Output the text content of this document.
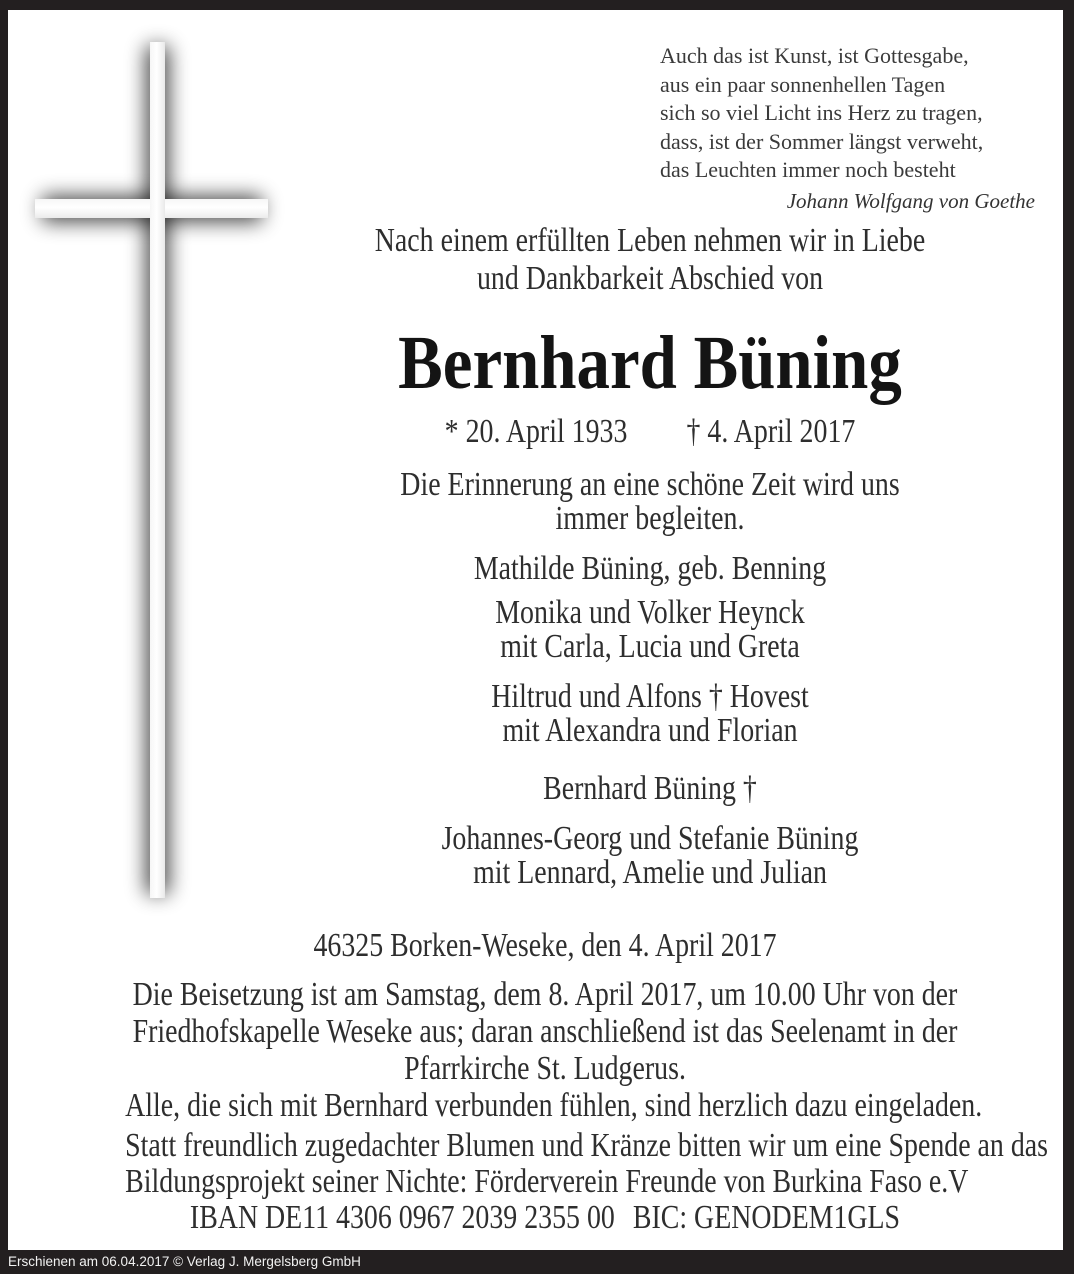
Auch das ist Kunst, ist Gottesgabe,
aus ein paar sonnenhellen Tagen
sich so viel Licht ins Herz zu tragen,
dass, ist der Sommer längst verweht,
das Leuchten immer noch besteht
Johann Wolfgang von Goethe
Nach einem erfüllten Leben nehmen wir in Liebe
und Dankbarkeit Abschied von
Bernhard Büning
* 20. April 1933 † 4. April 2017
Die Erinnerung an eine schöne Zeit wird uns
immer begleiten.
Mathilde Büning, geb. Benning
Monika und Volker Heynck
mit Carla, Lucia und Greta
Hiltrud und Alfons † Hovest
mit Alexandra und Florian
Bernhard Büning †
Johannes-Georg und Stefanie Büning
mit Lennard, Amelie und Julian
46325 Borken-Weseke, den 4. April 2017
Die Beisetzung ist am Samstag, dem 8. April 2017, um 10.00 Uhr von der
Friedhofskapelle Weseke aus; daran anschließend ist das Seelenamt in der
Pfarrkirche St. Ludgerus.
Alle, die sich mit Bernhard verbunden fühlen, sind herzlich dazu eingeladen.
Statt freundlich zugedachter Blumen und Kränze bitten wir um eine Spende an das
Bildungsprojekt seiner Nichte: Förderverein Freunde von Burkina Faso e.V
IBAN DE11 4306 0967 2039 2355 00 BIC: GENODEM1GLS
Erschienen am 06.04.2017 © Verlag J. Mergelsberg GmbH
